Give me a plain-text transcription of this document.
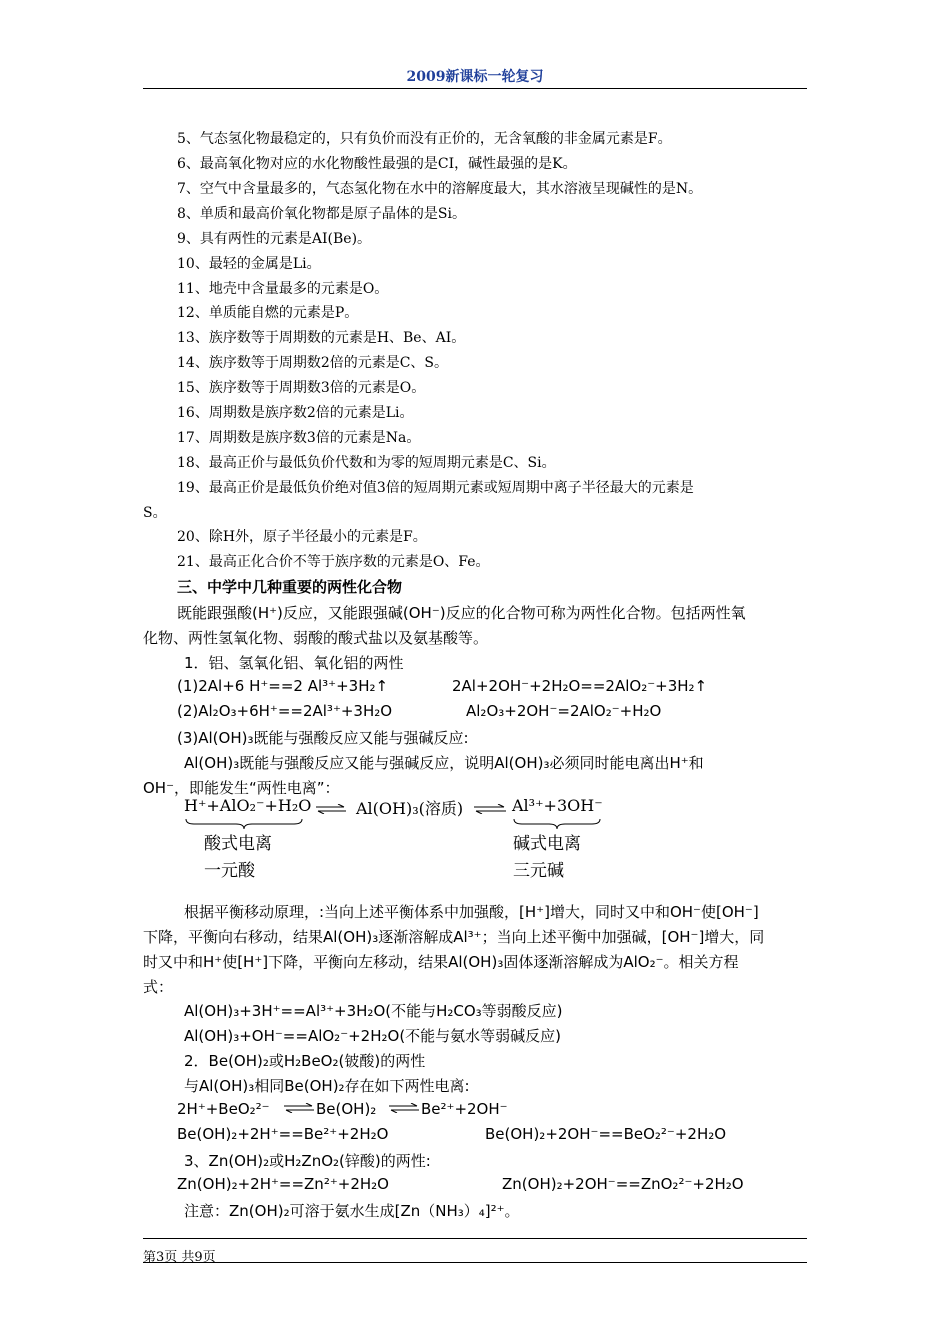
2009新课标一轮复习
5、气态氢化物最稳定的，只有负价而没有正价的，无含氧酸的非金属元素是F。
6、最高氧化物对应的水化物酸性最强的是CI，碱性最强的是K。
7、空气中含量最多的，气态氢化物在水中的溶解度最大，其水溶液呈现碱性的是N。
8、单质和最高价氧化物都是原子晶体的是Si。
9、具有两性的元素是AI(Be)。
10、最轻的金属是Li。
11、地壳中含量最多的元素是O。
12、单质能自燃的元素是P。
13、族序数等于周期数的元素是H、Be、AI。
14、族序数等于周期数2倍的元素是C、S。
15、族序数等于周期数3倍的元素是O。
16、周期数是族序数2倍的元素是Li。
17、周期数是族序数3倍的元素是Na。
18、最高正价与最低负价代数和为零的短周期元素是C、Si。
19、最高正价是最低负价绝对值3倍的短周期元素或短周期中离子半径最大的元素是
S。
20、除H外，原子半径最小的元素是F。
21、最高正化合价不等于族序数的元素是O、Fe。
三、中学中几种重要的两性化合物
既能跟强酸(H⁺)反应，又能跟强碱(OH⁻)反应的化合物可称为两性化合物。包括两性氧
化物、两性氢氧化物、弱酸的酸式盐以及氨基酸等。
1．铝、氢氧化铝、氧化铝的两性
(1)2Al+6 H⁺==2 Al³⁺+3H₂↑	2Al+2OH⁻+2H₂O==2AlO₂⁻+3H₂↑
(2)Al₂O₃+6H⁺==2Al³⁺+3H₂O	Al₂O₃+2OH⁻=2AlO₂⁻+H₂O
(3)Al(OH)₃既能与强酸反应又能与强碱反应:
Al(OH)₃既能与强酸反应又能与强碱反应，说明Al(OH)₃必须同时能电离出H⁺和
OH⁻，即能发生“两性电离”：
H⁺+AlO₂⁻+H₂O ⇌ Al(OH)₃(溶质) ⇌ Al³⁺+3OH⁻
酸式电离
一元酸
碱式电离
三元碱
根据平衡移动原理，:当向上述平衡体系中加强酸，[H⁺]增大，同时又中和OH⁻使[OH⁻]
下降，平衡向右移动，结果Al(OH)₃逐渐溶解成Al³⁺；当向上述平衡中加强碱，[OH⁻]增大，同
时又中和H⁺使[H⁺]下降，平衡向左移动，结果Al(OH)₃固体逐渐溶解成为AlO₂⁻。相关方程
式：
Al(OH)₃+3H⁺==Al³⁺+3H₂O(不能与H₂CO₃等弱酸反应)
Al(OH)₃+OH⁻==AlO₂⁻+2H₂O(不能与氨水等弱碱反应)
2．Be(OH)₂或H₂BeO₂(铍酸)的两性
与Al(OH)₃相同Be(OH)₂存在如下两性电离:
2H⁺+BeO₂²⁻ ⇌ Be(OH)₂ ⇌ Be²⁺+2OH⁻
Be(OH)₂+2H⁺==Be²⁺+2H₂O	Be(OH)₂+2OH⁻==BeO₂²⁻+2H₂O
3、Zn(OH)₂或H₂ZnO₂(锌酸)的两性:
Zn(OH)₂+2H⁺==Zn²⁺+2H₂O	Zn(OH)₂+2OH⁻==ZnO₂²⁻+2H₂O
注意：Zn(OH)₂可溶于氨水生成[Zn（NH₃）₄]²⁺。
第3页 共9页
